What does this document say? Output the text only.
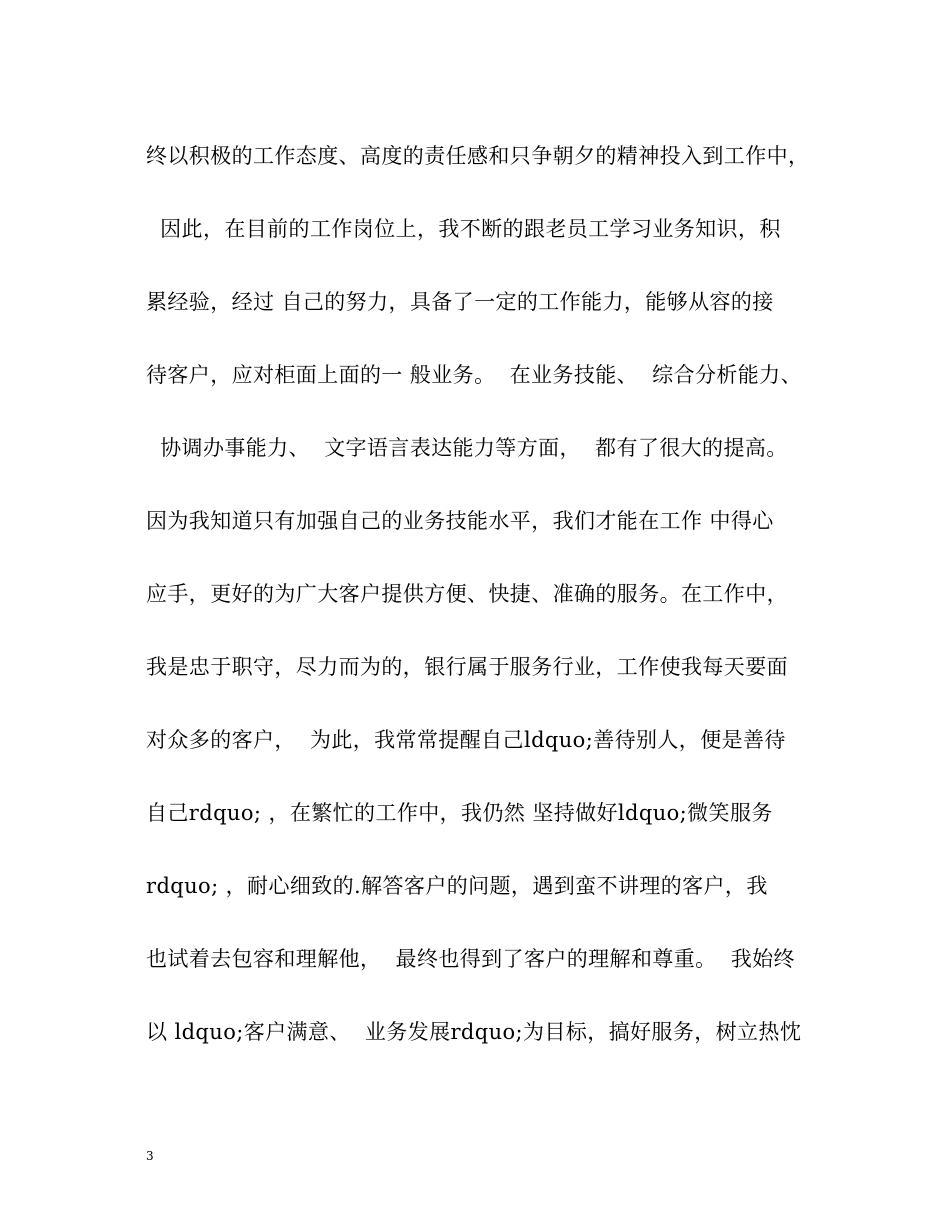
终以积极的工作态度、高度的责任感和只争朝夕的精神投入到工作中，
因此，在目前的工作岗位上，我不断的跟老员工学习业务知识，积
累经验，经过 自己的努力，具备了一定的工作能力，能够从容的接
待客户，应对柜面上面的一 般业务。  在业务技能、  综合分析能力、
协调办事能力、  文字语言表达能力等方面，  都有了很大的提高。
因为我知道只有加强自己的业务技能水平，我们才能在工作 中得心
应手，更好的为广大客户提供方便、快捷、准确的服务。在工作中，
我是忠于职守，尽力而为的，银行属于服务行业，工作使我每天要面
对众多的客户，  为此，我常常提醒自己ldquo;善待别人，便是善待
自己rdquo; ，在繁忙的工作中，我仍然 坚持做好ldquo;微笑服务
rdquo; ，耐心细致的.解答客户的问题，遇到蛮不讲理的客户，我
也试着去包容和理解他，  最终也得到了客户的理解和尊重。  我始终
以 ldquo;客户满意、  业务发展rdquo;为目标，搞好服务，树立热忱
3
